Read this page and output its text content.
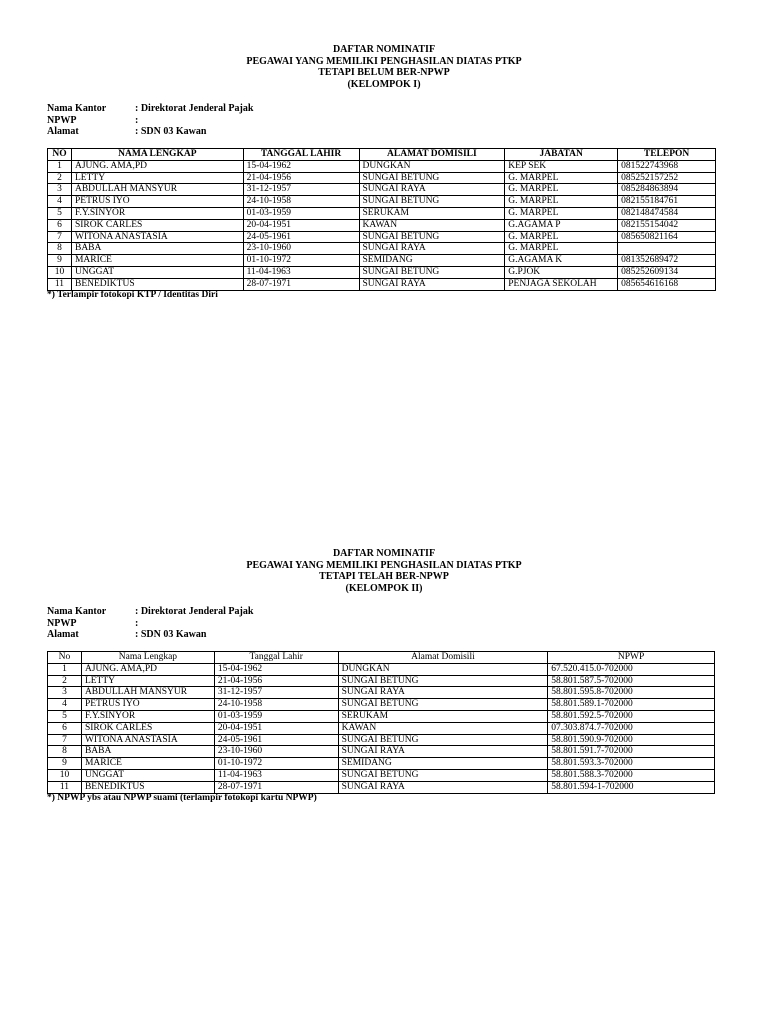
DAFTAR NOMINATIF
PEGAWAI YANG MEMILIKI PENGHASILAN DIATAS PTKP
TETAPI BELUM BER-NPWP
(KELOMPOK I)
Nama Kantor	: Direktorat Jenderal Pajak
NPWP	:
Alamat	: SDN 03 Kawan
NO	NAMA LENGKAP	TANGGAL LAHIR	ALAMAT DOMISILI	JABATAN	TELEPON
1	AJUNG. AMA,PD	15-04-1962	DUNGKAN	KEP SEK	081522743968
2	LETTY	21-04-1956	SUNGAI BETUNG	G. MARPEL	085252157252
3	ABDULLAH MANSYUR	31-12-1957	SUNGAI RAYA	G. MARPEL	085284863894
4	PETRUS IYO	24-10-1958	SUNGAI BETUNG	G. MARPEL	082155184761
5	F.Y.SINYOR	01-03-1959	SERUKAM	G. MARPEL	082148474584
6	SIROK CARLES	20-04-1951	KAWAN	G.AGAMA P	082155154042
7	WITONA ANASTASIA	24-05-1961	SUNGAI BETUNG	G. MARPEL	085650821164
8	BABA	23-10-1960	SUNGAI RAYA	G. MARPEL	
9	MARICE	01-10-1972	SEMIDANG	G.AGAMA K	081352689472
10	UNGGAT	11-04-1963	SUNGAI BETUNG	G.PJOK	085252609134
11	BENEDIKTUS	28-07-1971	SUNGAI RAYA	PENJAGA SEKOLAH	085654616168
*) Terlampir fotokopi KTP / Identitas Diri
DAFTAR NOMINATIF
PEGAWAI YANG MEMILIKI PENGHASILAN DIATAS PTKP
TETAPI TELAH BER-NPWP
(KELOMPOK II)
Nama Kantor	: Direktorat Jenderal Pajak
NPWP	:
Alamat	: SDN 03 Kawan
No	Nama Lengkap	Tanggal Lahir	Alamat Domisili	NPWP
1	AJUNG. AMA,PD	15-04-1962	DUNGKAN	67.520.415.0-702000
2	LETTY	21-04-1956	SUNGAI BETUNG	58.801.587.5-702000
3	ABDULLAH MANSYUR	31-12-1957	SUNGAI RAYA	58.801.595.8-702000
4	PETRUS IYO	24-10-1958	SUNGAI BETUNG	58.801.589.1-702000
5	F.Y.SINYOR	01-03-1959	SERUKAM	58.801.592.5-702000
6	SIROK CARLES	20-04-1951	KAWAN	07.303.874.7-702000
7	WITONA ANASTASIA	24-05-1961	SUNGAI BETUNG	58.801.590.9-702000
8	BABA	23-10-1960	SUNGAI RAYA	58.801.591.7-702000
9	MARICE	01-10-1972	SEMIDANG	58.801.593.3-702000
10	UNGGAT	11-04-1963	SUNGAI BETUNG	58.801.588.3-702000
11	BENEDIKTUS	28-07-1971	SUNGAI RAYA	58.801.594-1-702000
*) NPWP ybs atau NPWP suami (terlampir fotokopi kartu NPWP)
